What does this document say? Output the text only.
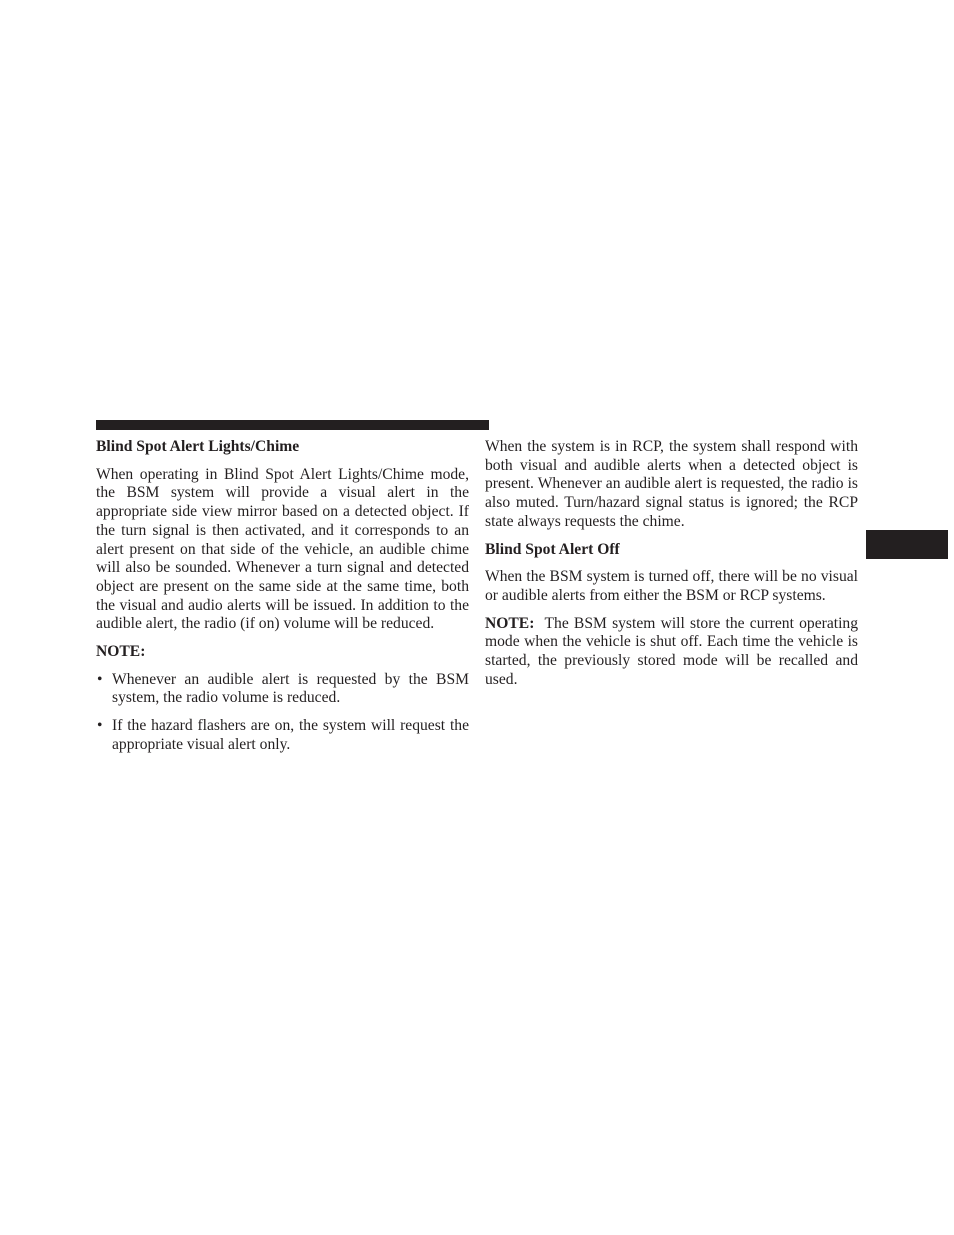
Blind Spot Alert Lights/Chime

When operating in Blind Spot Alert Lights/Chime mode, the BSM system will provide a visual alert in the appropriate side view mirror based on a detected object. If the turn signal is then activated, and it corresponds to an alert present on that side of the vehicle, an audible chime will also be sounded. Whenever a turn signal and detected object are present on the same side at the same time, both the visual and audio alerts will be issued. In addition to the audible alert, the radio (if on) volume will be reduced.

NOTE:

• Whenever an audible alert is requested by the BSM system, the radio volume is reduced.
• If the hazard flashers are on, the system will request the appropriate visual alert only.

When the system is in RCP, the system shall respond with both visual and audible alerts when a detected object is present. Whenever an audible alert is requested, the radio is also muted. Turn/hazard signal status is ignored; the RCP state always requests the chime.

Blind Spot Alert Off

When the BSM system is turned off, there will be no visual or audible alerts from either the BSM or RCP systems.

NOTE: The BSM system will store the current operating mode when the vehicle is shut off. Each time the vehicle is started, the previously stored mode will be recalled and used.
